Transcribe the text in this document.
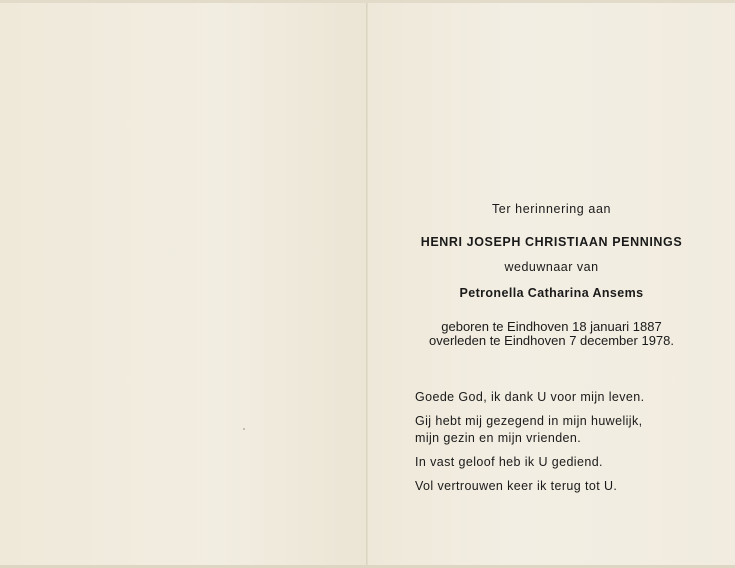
Ter herinnering aan
HENRI JOSEPH CHRISTIAAN PENNINGS
weduwnaar van
Petronella Catharina Ansems
geboren te Eindhoven 18 januari 1887
overleden te Eindhoven 7 december 1978.
Goede God, ik dank U voor mijn leven.
Gij hebt mij gezegend in mijn huwelijk,
mijn gezin en mijn vrienden.
In vast geloof heb ik U gediend.
Vol vertrouwen keer ik terug tot U.
